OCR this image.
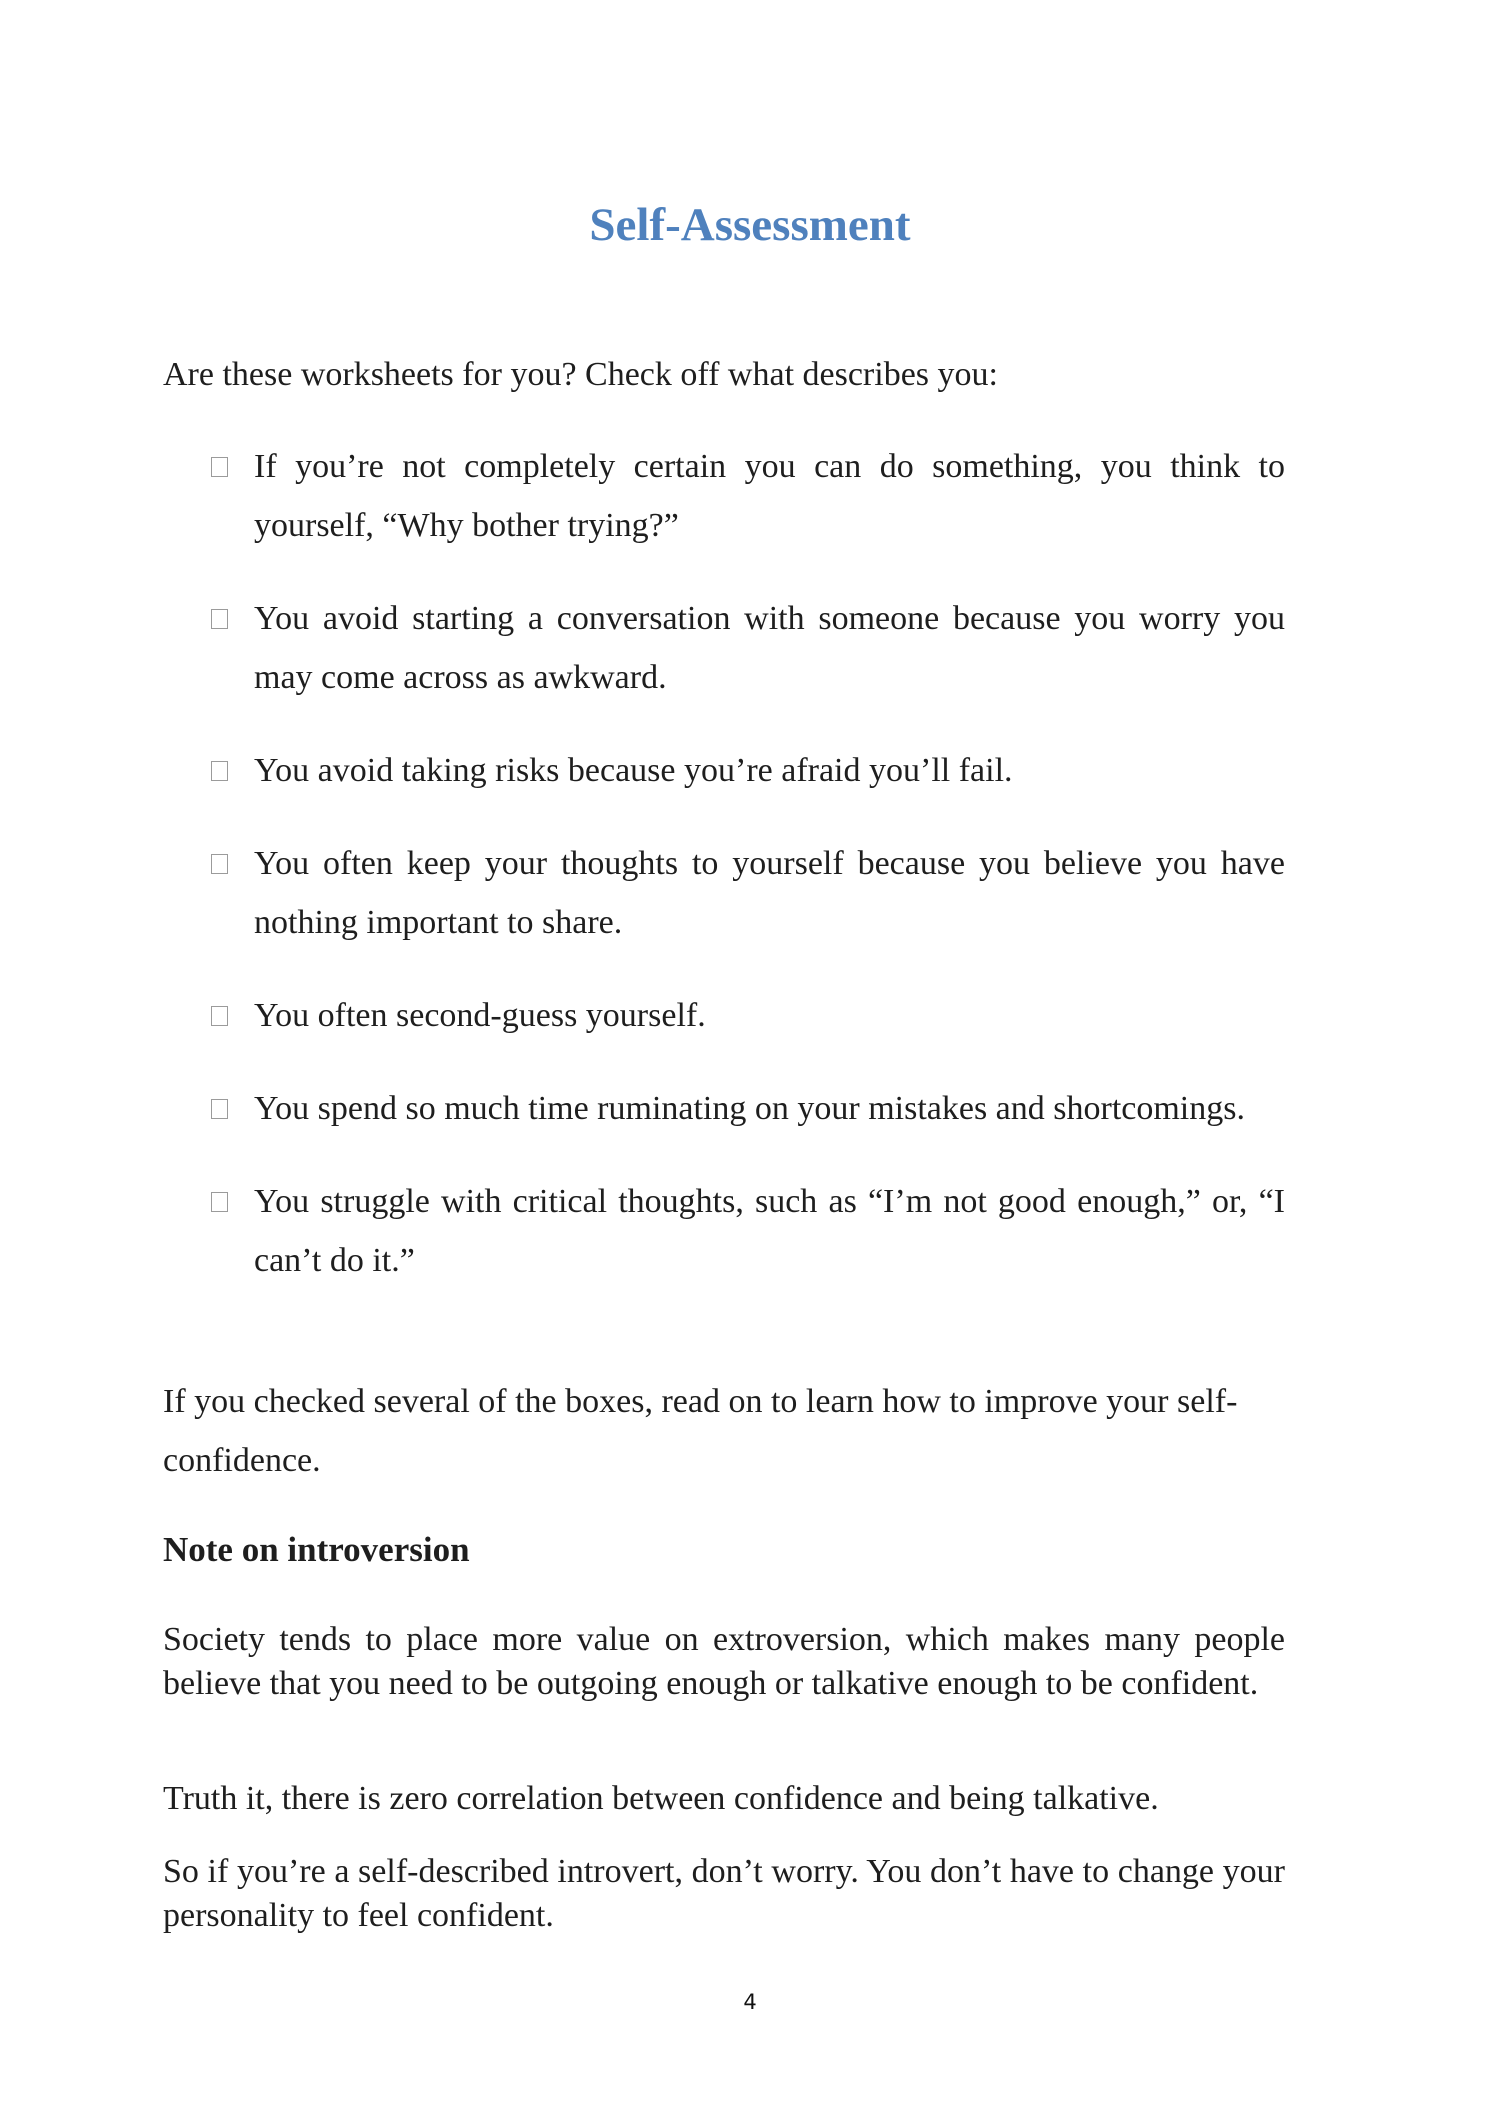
Self-Assessment

Are these worksheets for you? Check off what describes you:

If you’re not completely certain you can do something, you think to yourself, “Why bother trying?”
You avoid starting a conversation with someone because you worry you may come across as awkward.
You avoid taking risks because you’re afraid you’ll fail.
You often keep your thoughts to yourself because you believe you have nothing important to share.
You often second-guess yourself.
You spend so much time ruminating on your mistakes and shortcomings.
You struggle with critical thoughts, such as “I’m not good enough,” or, “I can’t do it.”

If you checked several of the boxes, read on to learn how to improve your self-confidence.

Note on introversion

Society tends to place more value on extroversion, which makes many people believe that you need to be outgoing enough or talkative enough to be confident.

Truth it, there is zero correlation between confidence and being talkative.

So if you’re a self-described introvert, don’t worry. You don’t have to change your personality to feel confident.

4
